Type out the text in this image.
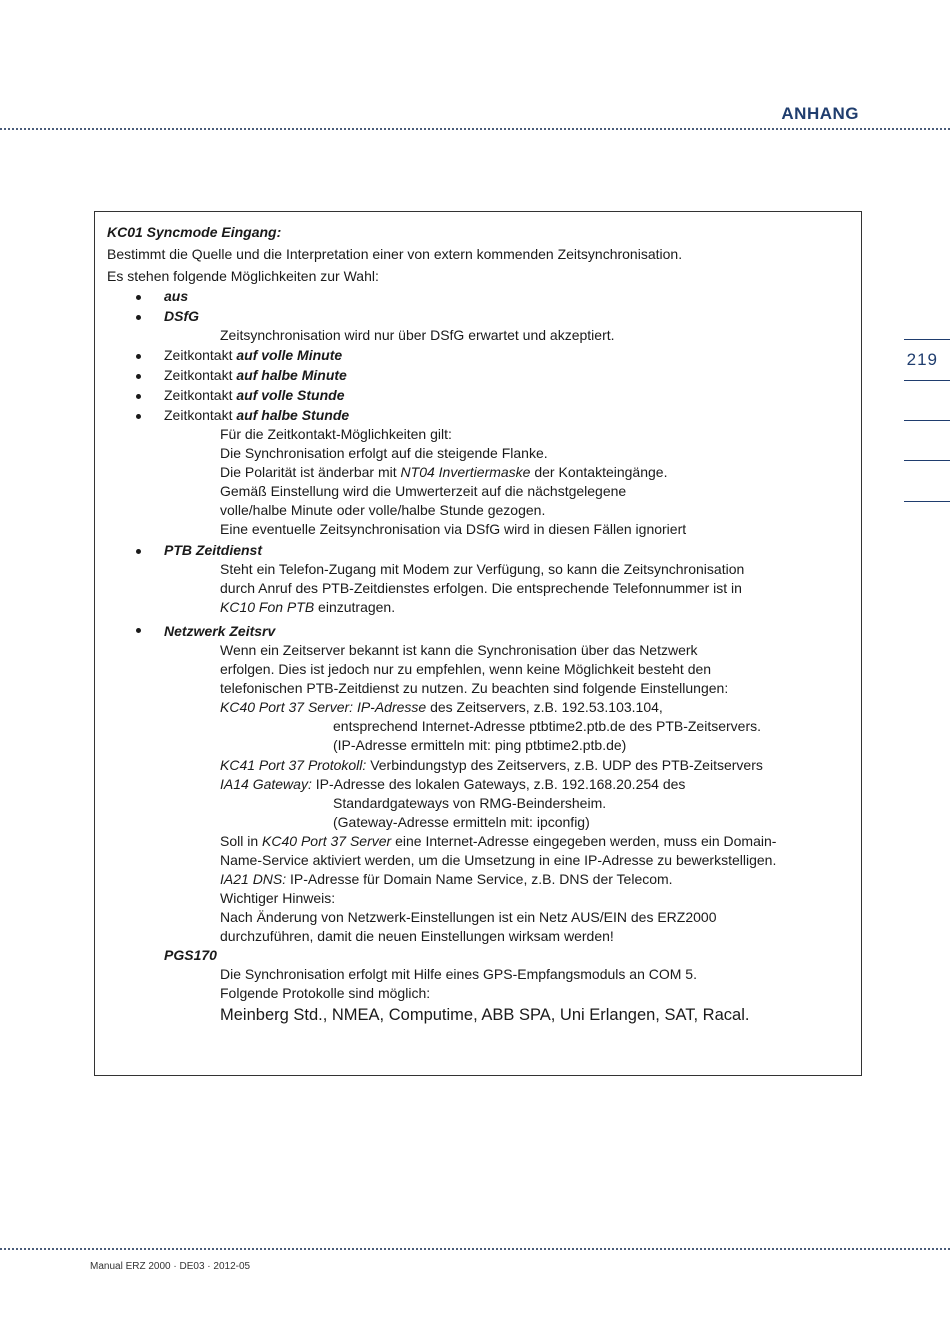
ANHANG
219
KC01 Syncmode Eingang:
Bestimmt die Quelle und die Interpretation einer von extern kommenden Zeitsynchronisation.
Es stehen folgende Möglichkeiten zur Wahl:
aus
DSfG
Zeitsynchronisation wird nur über DSfG erwartet und akzeptiert.
Zeitkontakt auf volle Minute
Zeitkontakt auf halbe Minute
Zeitkontakt auf volle Stunde
Zeitkontakt auf halbe Stunde
Für die Zeitkontakt-Möglichkeiten gilt:
Die Synchronisation erfolgt auf die steigende Flanke.
Die Polarität ist änderbar mit NT04 Invertiermaske der Kontakteingänge.
Gemäß Einstellung wird die Umwerterzeit auf die nächstgelegene
volle/halbe Minute oder volle/halbe Stunde gezogen.
Eine eventuelle Zeitsynchronisation via DSfG wird in diesen Fällen ignoriert
PTB Zeitdienst
Steht ein Telefon-Zugang mit Modem zur Verfügung, so kann die Zeitsynchronisation
durch Anruf des PTB-Zeitdienstes erfolgen. Die entsprechende Telefonnummer ist in
KC10 Fon PTB einzutragen.
Netzwerk Zeitsrv
Wenn ein Zeitserver bekannt ist kann die Synchronisation über das Netzwerk
erfolgen. Dies ist jedoch nur zu empfehlen, wenn keine Möglichkeit besteht den
telefonischen PTB-Zeitdienst zu nutzen. Zu beachten sind folgende Einstellungen:
KC40 Port 37 Server: IP-Adresse des Zeitservers, z.B. 192.53.103.104,
entsprechend Internet-Adresse ptbtime2.ptb.de des PTB-Zeitservers.
(IP-Adresse ermitteln mit: ping ptbtime2.ptb.de)
KC41 Port 37 Protokoll: Verbindungstyp des Zeitservers, z.B. UDP des PTB-Zeitservers
IA14 Gateway: IP-Adresse des lokalen Gateways, z.B. 192.168.20.254 des
Standardgateways von RMG-Beindersheim.
(Gateway-Adresse ermitteln mit: ipconfig)
Soll in KC40 Port 37 Server eine Internet-Adresse eingegeben werden, muss ein Domain-
Name-Service aktiviert werden, um die Umsetzung in eine IP-Adresse zu bewerkstelligen.
IA21 DNS: IP-Adresse für Domain Name Service, z.B. DNS der Telecom.
Wichtiger Hinweis:
Nach Änderung von Netzwerk-Einstellungen ist ein Netz AUS/EIN des ERZ2000
durchzuführen, damit die neuen Einstellungen wirksam werden!
PGS170
Die Synchronisation erfolgt mit Hilfe eines GPS-Empfangsmoduls an COM 5.
Folgende Protokolle sind möglich:
Meinberg Std., NMEA, Computime, ABB SPA, Uni Erlangen, SAT, Racal.
Manual ERZ 2000 · DE03 · 2012-05
